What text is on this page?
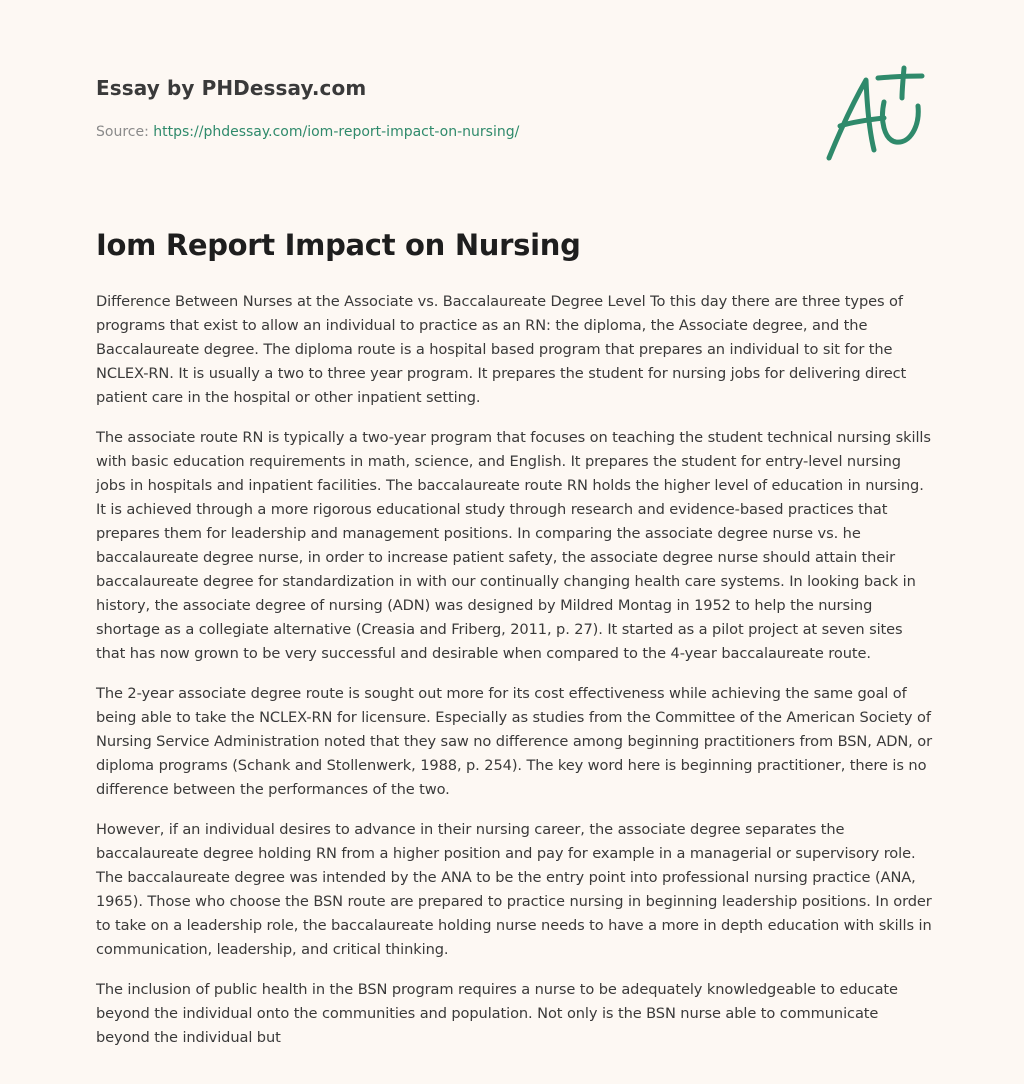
Essay by PHDessay.com
Source: https://phdessay.com/iom-report-impact-on-nursing/
Iom Report Impact on Nursing

Difference Between Nurses at the Associate vs. Baccalaureate Degree Level To this day there are three types of programs that exist to allow an individual to practice as an RN: the diploma, the Associate degree, and the Baccalaureate degree. The diploma route is a hospital based program that prepares an individual to sit for the NCLEX-RN. It is usually a two to three year program. It prepares the student for nursing jobs for delivering direct patient care in the hospital or other inpatient setting.

The associate route RN is typically a two-year program that focuses on teaching the student technical nursing skills with basic education requirements in math, science, and English. It prepares the student for entry-level nursing jobs in hospitals and inpatient facilities. The baccalaureate route RN holds the higher level of education in nursing. It is achieved through a more rigorous educational study through research and evidence-based practices that prepares them for leadership and management positions. In comparing the associate degree nurse vs. he baccalaureate degree nurse, in order to increase patient safety, the associate degree nurse should attain their baccalaureate degree for standardization in with our continually changing health care systems. In looking back in history, the associate degree of nursing (ADN) was designed by Mildred Montag in 1952 to help the nursing shortage as a collegiate alternative (Creasia and Friberg, 2011, p. 27). It started as a pilot project at seven sites that has now grown to be very successful and desirable when compared to the 4-year baccalaureate route.

The 2-year associate degree route is sought out more for its cost effectiveness while achieving the same goal of being able to take the NCLEX-RN for licensure. Especially as studies from the Committee of the American Society of Nursing Service Administration noted that they saw no difference among beginning practitioners from BSN, ADN, or diploma programs (Schank and Stollenwerk, 1988, p. 254). The key word here is beginning practitioner, there is no difference between the performances of the two.

However, if an individual desires to advance in their nursing career, the associate degree separates the baccalaureate degree holding RN from a higher position and pay for example in a managerial or supervisory role. The baccalaureate degree was intended by the ANA to be the entry point into professional nursing practice (ANA, 1965). Those who choose the BSN route are prepared to practice nursing in beginning leadership positions. In order to take on a leadership role, the baccalaureate holding nurse needs to have a more in depth education with skills in communication, leadership, and critical thinking.

The inclusion of public health in the BSN program requires a nurse to be adequately knowledgeable to educate beyond the individual onto the communities and population. Not only is the BSN nurse able to communicate beyond the individual but
